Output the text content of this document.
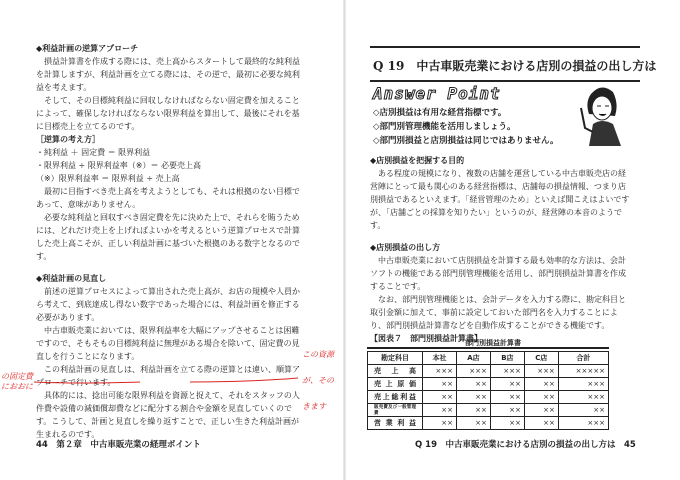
◆利益計画の逆算アプローチ

損益計算書を作成する際には、売上高からスタートして最終的な純利益を計算しますが、利益計画を立てる際には、その逆で、最初に必要な純利益を考えます。

そして、その目標純利益に回収しなければならない固定費を加えることによって、確保しなければならない限界利益を算出して、最後にそれを基に目標売上を立てるのです。

［逆算の考え方］

・純利益 ＋ 固定費 ＝ 限界利益

・限界利益 ÷ 限界利益率（※）＝ 必要売上高

（※）限界利益率 ＝ 限界利益 ÷ 売上高

最初に目指すべき売上高を考えようとしても、それは根拠のない目標であって、意味がありません。

必要な純利益と回収すべき固定費を先に決めた上で、それらを賄うためには、どれだけ売上を上げればよいかを考えるという逆算プロセスで計算した売上高こそが、正しい利益計画に基づいた根拠のある数字となるのです。

◆利益計画の見直し

前述の逆算プロセスによって算出された売上高が、お店の規模や人員から考えて、到底達成し得ない数字であった場合には、利益計画を修正する必要があります。

中古車販売業においては、限界利益率を大幅にアップさせることは困難ですので、そもそもの目標純利益に無理がある場合を除いて、固定費の見直しを行うことになります。

この利益計画の見直しは、利益計画を立てる際の逆算とは違い、順算アプローチで行います。

具体的には、捻出可能な限界利益を資源と捉えて、それをスタッフの人件費や設備の減価償却費などに配分する割合や金額を見直していくのです。こうして、計画と見直しを繰り返すことで、正しい生きた利益計画が生まれるのです。

この資源
の固定費におおに
が、その
きます
44　第２章　中古車販売業の経理ポイント
Q 19　中古車販売業における店別の損益の出し方は
Answer Point
◇店別損益は有用な経営指標です。
◇部門別管理機能を活用しましょう。
◇部門別損益と店別損益は同じではありません。
◆店別損益を把握する目的

ある程度の規模になり、複数の店舗を運営している中古車販売店の経営陣にとって最も関心のある経営指標は、店舗毎の損益情報、つまり店別損益であるといえます。「経営管理のため」といえば聞こえはよいですが、「店舗ごとの採算を知りたい」というのが、経営陣の本音のようです。

◆店別損益の出し方

中古車販売業において店別損益を計算する最も効率的な方法は、会計ソフトの機能である部門別管理機能を活用し、部門別損益計算書を作成することです。

なお、部門別管理機能とは、会計データを入力する際に、勘定科目と取引金額に加えて、事前に設定しておいた部門名を入力することにより、部門別損益計算書などを自動作成することができる機能です。

【図表７　部門別損益計算書】
部門別損益計算書
勘定科目	本社	A店	B店	C店	合計
売上高	×××	×××	×××	×××	×××××
売上原価	××	××	××	××	×××
売上総利益	××	××	××	××	×××
販売費及び一般管理費	××	××	××	××	××
営業利益	××	××	××	××	×××
Q 19　中古車販売業における店別の損益の出し方は　45
